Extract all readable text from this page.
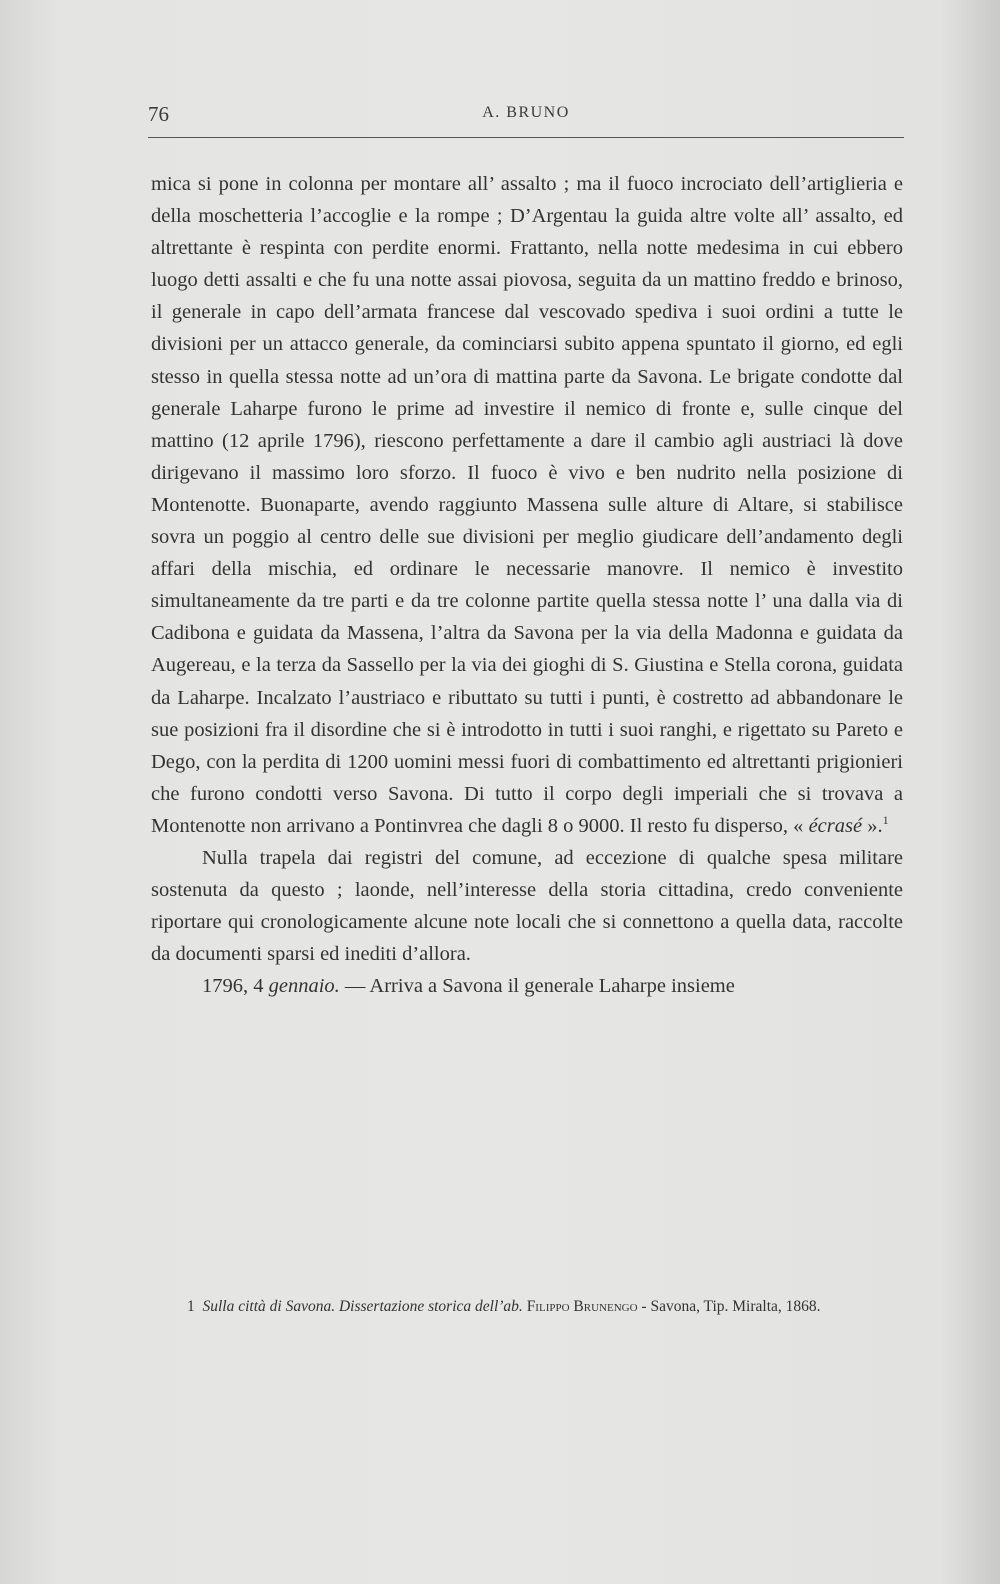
76	A. BRUNO

mica si pone in colonna per montare all’ assalto ; ma il fuoco incrociato dell’artiglieria e della moschetteria l’accoglie e la rompe ; D’Argentau la guida altre volte all’ assalto, ed altrettante è respinta con perdite enormi. Frattanto, nella notte medesima in cui ebbero luogo detti assalti e che fu una notte assai piovosa, seguita da un mattino freddo e brinoso, il generale in capo dell’armata francese dal vescovado spediva i suoi ordini a tutte le divisioni per un attacco generale, da cominciarsi subito appena spuntato il giorno, ed egli stesso in quella stessa notte ad un’ora di mattina parte da Savona. Le brigate condotte dal generale Laharpe furono le prime ad investire il nemico di fronte e, sulle cinque del mattino (12 aprile 1796), riescono perfettamente a dare il cambio agli austriaci là dove dirigevano il massimo loro sforzo. Il fuoco è vivo e ben nudrito nella posizione di Montenotte. Buonaparte, avendo raggiunto Massena sulle alture di Altare, si stabilisce sovra un poggio al centro delle sue divisioni per meglio giudicare dell’andamento degli affari della mischia, ed ordinare le necessarie manovre. Il nemico è investito simultaneamente da tre parti e da tre colonne partite quella stessa notte l’ una dalla via di Cadibona e guidata da Massena, l’altra da Savona per la via della Madonna e guidata da Augereau, e la terza da Sassello per la via dei gioghi di S. Giustina e Stella corona, guidata da Laharpe. Incalzato l’austriaco e ributtato su tutti i punti, è costretto ad abbandonare le sue posizioni fra il disordine che si è introdotto in tutti i suoi ranghi, e rigettato su Pareto e Dego, con la perdita di 1200 uomini messi fuori di combattimento ed altrettanti prigionieri che furono condotti verso Savona. Di tutto il corpo degli imperiali che si trovava a Montenotte non arrivano a Pontinvrea che dagli 8 o 9000. Il resto fu disperso, « écrasé ».$^1$

Nulla trapela dai registri del comune, ad eccezione di qualche spesa militare sostenuta da questo ; laonde, nell’interesse della storia cittadina, credo conveniente riportare qui cronologicamente alcune note locali che si connettono a quella data, raccolte da documenti sparsi ed inediti d’allora.

1796, 4 gennaio. — Arriva a Savona il generale Laharpe insieme

1 Sulla città di Savona. Dissertazione storica dell’ab. Filippo Brunengo - Savona, Tip. Miralta, 1868.
